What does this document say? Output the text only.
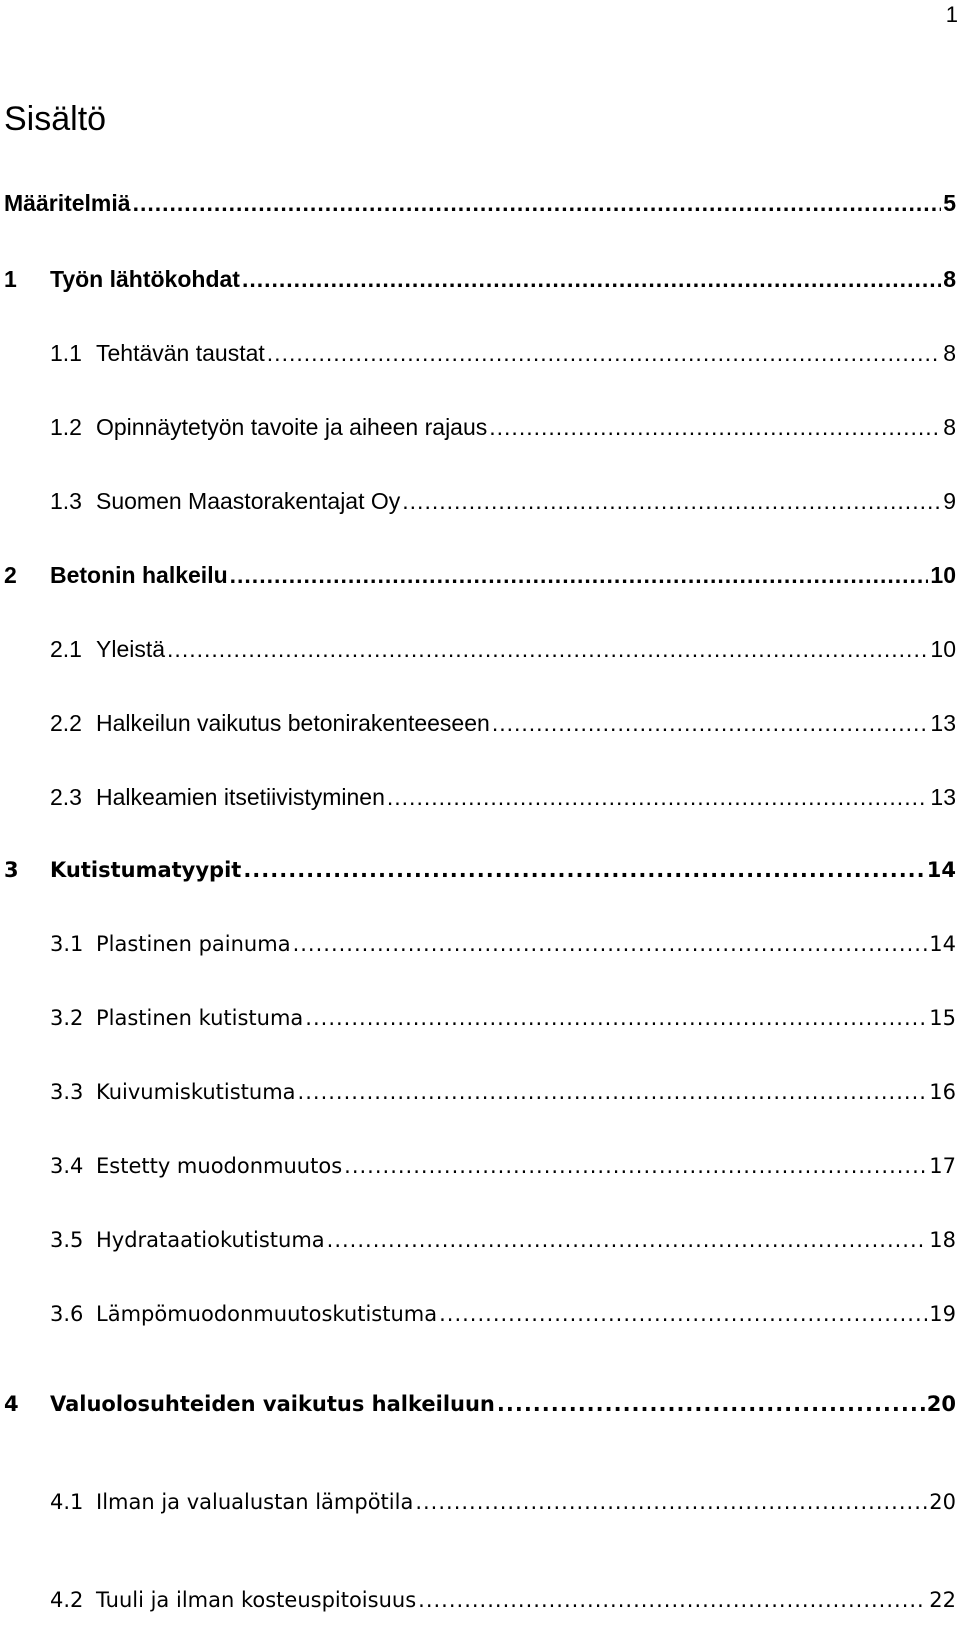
1
Sisältö
Määritelmiä .....	5
1	Työn lähtökohdat .....	8
1.1 Tehtävän taustat .....	8
1.2 Opinnäytetyön tavoite ja aiheen rajaus .....	8
1.3 Suomen Maastorakentajat Oy .....	9
2	Betonin halkeilu .....	10
2.1 Yleistä .....	10
2.2 Halkeilun vaikutus betonirakenteeseen .....	13
2.3 Halkeamien itsetiivistyminen .....	13
3	Kutistumatyypit .....	14
3.1 Plastinen painuma .....	14
3.2 Plastinen kutistuma .....	15
3.3 Kuivumiskutistuma .....	16
3.4 Estetty muodonmuutos .....	17
3.5 Hydrataatiokutistuma .....	18
3.6 Lämpömuodonmuutoskutistuma .....	19
4	Valuolosuhteiden vaikutus halkeiluun .....	20
4.1 Ilman ja valualustan lämpötila .....	20
4.2 Tuuli ja ilman kosteuspitoisuus .....	22
